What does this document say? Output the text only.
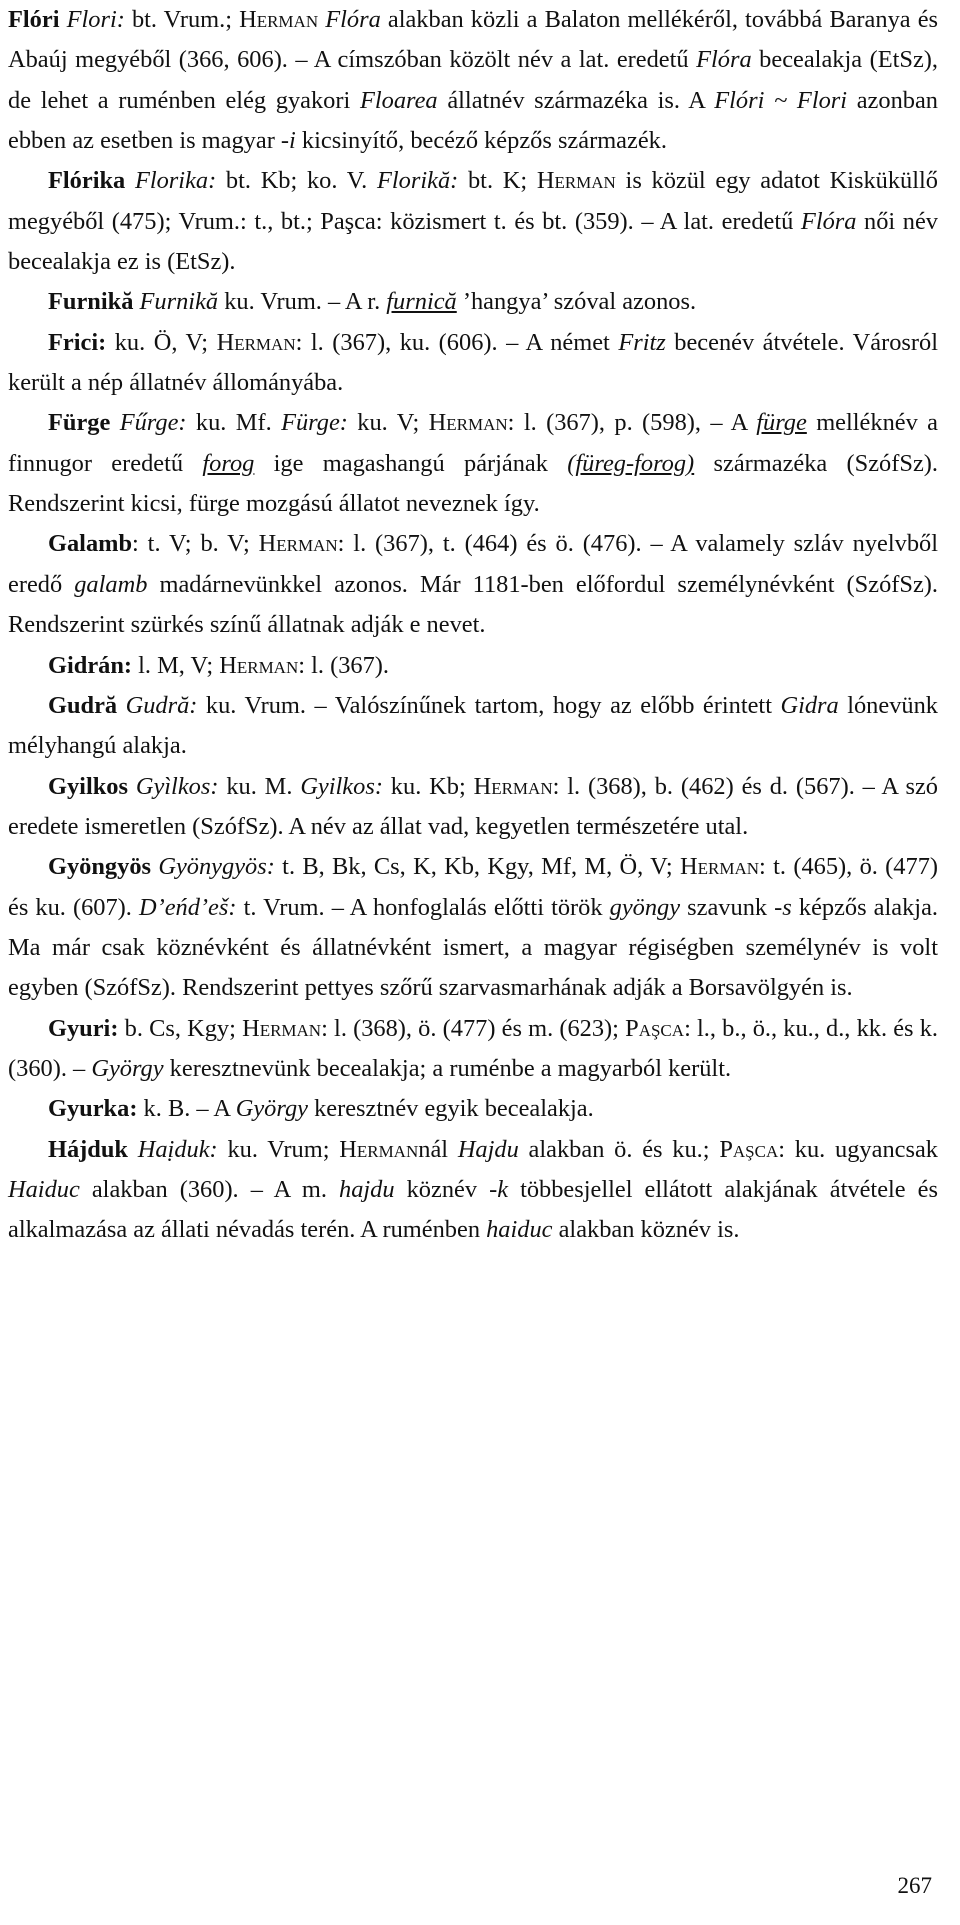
Flóri Flori: bt. Vrum.; Herman Flóra alakban közli a Balaton mellékéről, továbbá Baranya és Abaúj megyéből (366, 606). – A címszóban közölt név a lat. eredetű Flóra becealakja (EtSz), de lehet a ruménben elég gyakori Floarea állatnév származéka is. A Flóri ~ Flori azonban ebben az esetben is magyar -i kicsinyítő, becéző képzős származék.

Flórika Florika: bt. Kb; ko. V. Florikă: bt. K; Herman is közül egy adatot Kisküküllő megyéből (475); Vrum.: t., bt.; Paşca: közismert t. és bt. (359). – A lat. eredetű Flóra női név becealakja ez is (EtSz).

Furnikă Furnikă ku. Vrum. – A r. furnică ’hangya’ szóval azonos.

Frici: ku. Ö, V; Herman: l. (367), ku. (606). – A német Fritz becenév átvétele. Városról került a nép állatnév állományába.

Fürge Fűrge: ku. Mf. Fürge: ku. V; Herman: l. (367), p. (598), – A fürge melléknév a finnugor eredetű forog ige magashangú párjának (füreg-forog) származéka (SzófSz). Rendszerint kicsi, fürge mozgású állatot neveznek így.

Galamb: t. V; b. V; Herman: l. (367), t. (464) és ö. (476). – A valamely szláv nyelvből eredő galamb madárnevünkkel azonos. Már 1181-ben előfordul személynévként (SzófSz). Rendszerint szürkés színű állatnak adják e nevet.

Gidrán: l. M, V; Herman: l. (367).

Gudră Gudră: ku. Vrum. – Valószínűnek tartom, hogy az előbb érintett Gidra lónevünk mélyhangú alakja.

Gyilkos Gyìlkos: ku. M. Gyilkos: ku. Kb; Herman: l. (368), b. (462) és d. (567). – A szó eredete ismeretlen (SzófSz). A név az állat vad, kegyetlen természetére utal.

Gyöngyös Gyönygyös: t. B, Bk, Cs, K, Kb, Kgy, Mf, M, Ö, V; Herman: t. (465), ö. (477) és ku. (607). D’eńd’eš: t. Vrum. – A honfoglalás előtti török gyöngy szavunk -s képzős alakja. Ma már csak köznévként és állatnévként ismert, a magyar régiségben személynév is volt egyben (SzófSz). Rendszerint pettyes szőrű szarvasmarhának adják a Borsavölgyén is.

Gyuri: b. Cs, Kgy; Herman: l. (368), ö. (477) és m. (623); Paşca: l., b., ö., ku., d., kk. és k. (360). – György keresztnevünk becealakja; a ruménbe a magyarból került.

Gyurka: k. B. – A György keresztnév egyik becealakja.

Hájduk Haịduk: ku. Vrum; Hermannál Hajdu alakban ö. és ku.; Paşca: ku. ugyancsak Haiduc alakban (360). – A m. hajdu köznév -k többesjellel ellátott alakjának átvétele és alkalmazása az állati névadás terén. A ruménben haiduc alakban köznév is.

267
